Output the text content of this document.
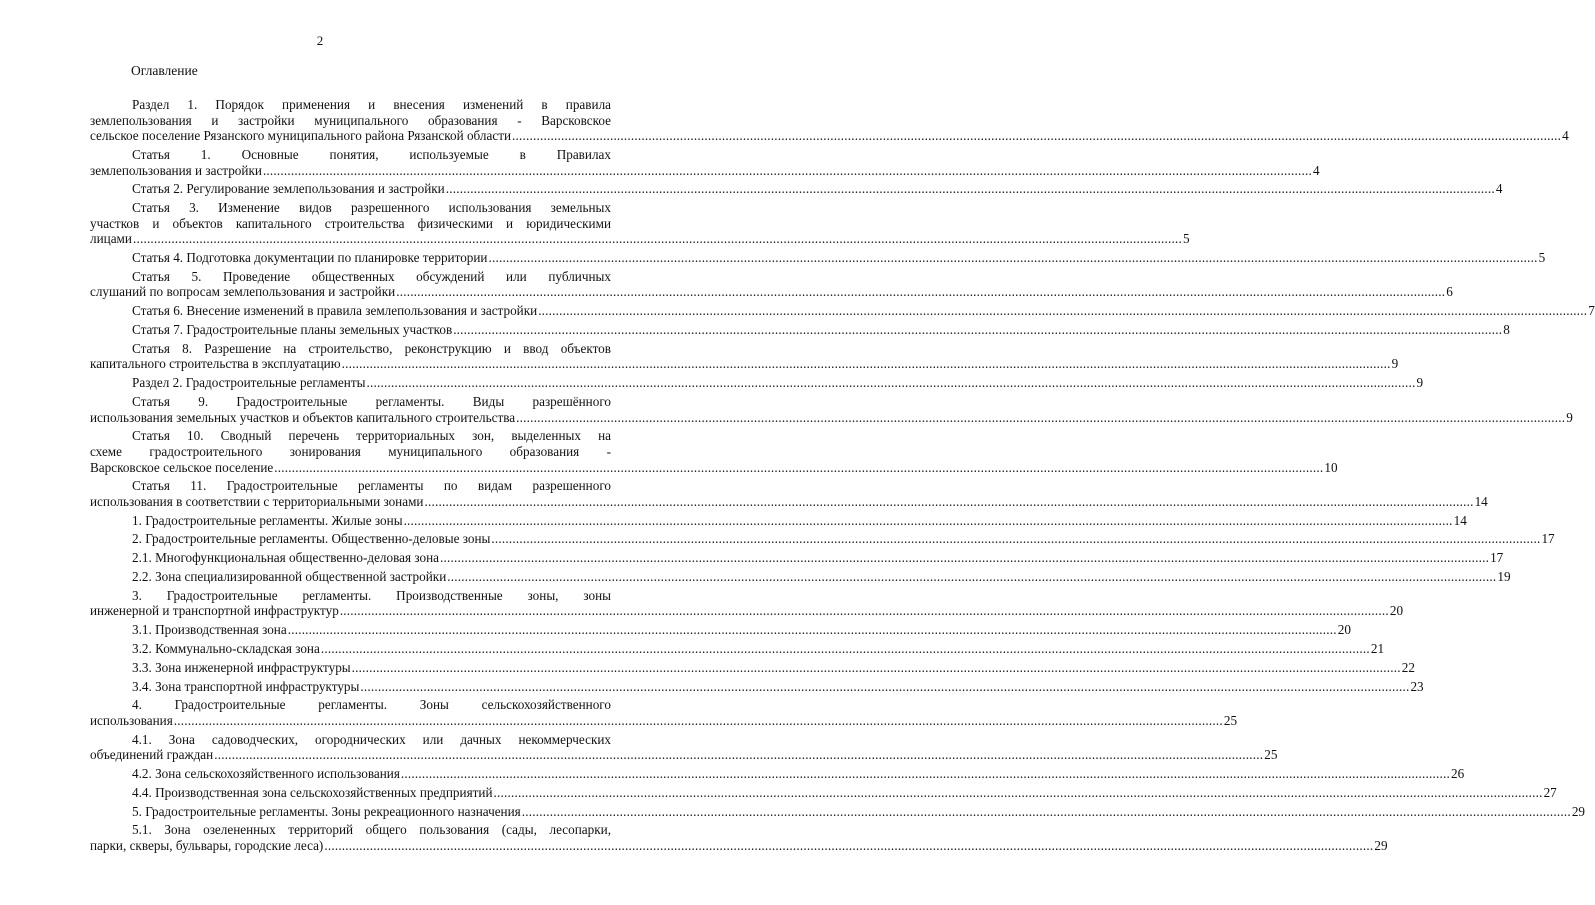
2
Оглавление
Раздел 1. Порядок применения и внесения изменений в правила
землепользования и застройки муниципального образования - Варсковское
сельское поселение Рязанского муниципального района Рязанской области ............................................................................................................................................................................................................................................................................................................ 4
Статья 1. Основные понятия, используемые в Правилах
землепользования и застройки ............................................................................................................................................................................................................................................................................................................ 4
Статья 2. Регулирование землепользования и застройки ............................................................................................................................................................................................................................................................................................................ 4
Статья 3. Изменение видов разрешенного использования земельных
участков и объектов капитального строительства физическими и юридическими
лицами ............................................................................................................................................................................................................................................................................................................ 5
Статья 4. Подготовка документации по планировке территории ............................................................................................................................................................................................................................................................................................................ 5
Статья 5. Проведение общественных обсуждений или публичных
слушаний по вопросам землепользования и застройки ............................................................................................................................................................................................................................................................................................................ 6
Статья 6. Внесение изменений в правила землепользования и застройки ............................................................................................................................................................................................................................................................................................................ 7
Статья 7. Градостроительные планы земельных участков ............................................................................................................................................................................................................................................................................................................ 8
Статья 8. Разрешение на строительство, реконструкцию и ввод объектов
капитального строительства в эксплуатацию ............................................................................................................................................................................................................................................................................................................ 9
Раздел 2. Градостроительные регламенты ............................................................................................................................................................................................................................................................................................................ 9
Статья 9. Градостроительные регламенты. Виды разрешённого
использования земельных участков и объектов капитального строительства ............................................................................................................................................................................................................................................................................................................ 9
Статья 10. Сводный перечень территориальных зон, выделенных на
схеме градостроительного зонирования муниципального образования -
Варсковское сельское поселение ............................................................................................................................................................................................................................................................................................................ 10
Статья 11. Градостроительные регламенты по видам разрешенного
использования в соответствии с территориальными зонами ............................................................................................................................................................................................................................................................................................................ 14
1. Градостроительные регламенты. Жилые зоны ............................................................................................................................................................................................................................................................................................................ 14
2. Градостроительные регламенты. Общественно-деловые зоны ............................................................................................................................................................................................................................................................................................................ 17
2.1. Многофункциональная общественно-деловая зона ............................................................................................................................................................................................................................................................................................................ 17
2.2. Зона специализированной общественной застройки ............................................................................................................................................................................................................................................................................................................ 19
3. Градостроительные регламенты. Производственные зоны, зоны
инженерной и транспортной инфраструктур ............................................................................................................................................................................................................................................................................................................ 20
3.1. Производственная зона ............................................................................................................................................................................................................................................................................................................ 20
3.2. Коммунально-складская зона ............................................................................................................................................................................................................................................................................................................ 21
3.3. Зона инженерной инфраструктуры ............................................................................................................................................................................................................................................................................................................ 22
3.4. Зона транспортной инфраструктуры ............................................................................................................................................................................................................................................................................................................ 23
4. Градостроительные регламенты. Зоны сельскохозяйственного
использования ............................................................................................................................................................................................................................................................................................................ 25
4.1. Зона садоводческих, огороднических или дачных некоммерческих
объединений граждан ............................................................................................................................................................................................................................................................................................................ 25
4.2. Зона сельскохозяйственного использования ............................................................................................................................................................................................................................................................................................................ 26
4.4. Производственная зона сельскохозяйственных предприятий ............................................................................................................................................................................................................................................................................................................ 27
5. Градостроительные регламенты. Зоны рекреационного назначения ............................................................................................................................................................................................................................................................................................................ 29
5.1. Зона озелененных территорий общего пользования (сады, лесопарки,
парки, скверы, бульвары, городские леса) ............................................................................................................................................................................................................................................................................................................ 29
